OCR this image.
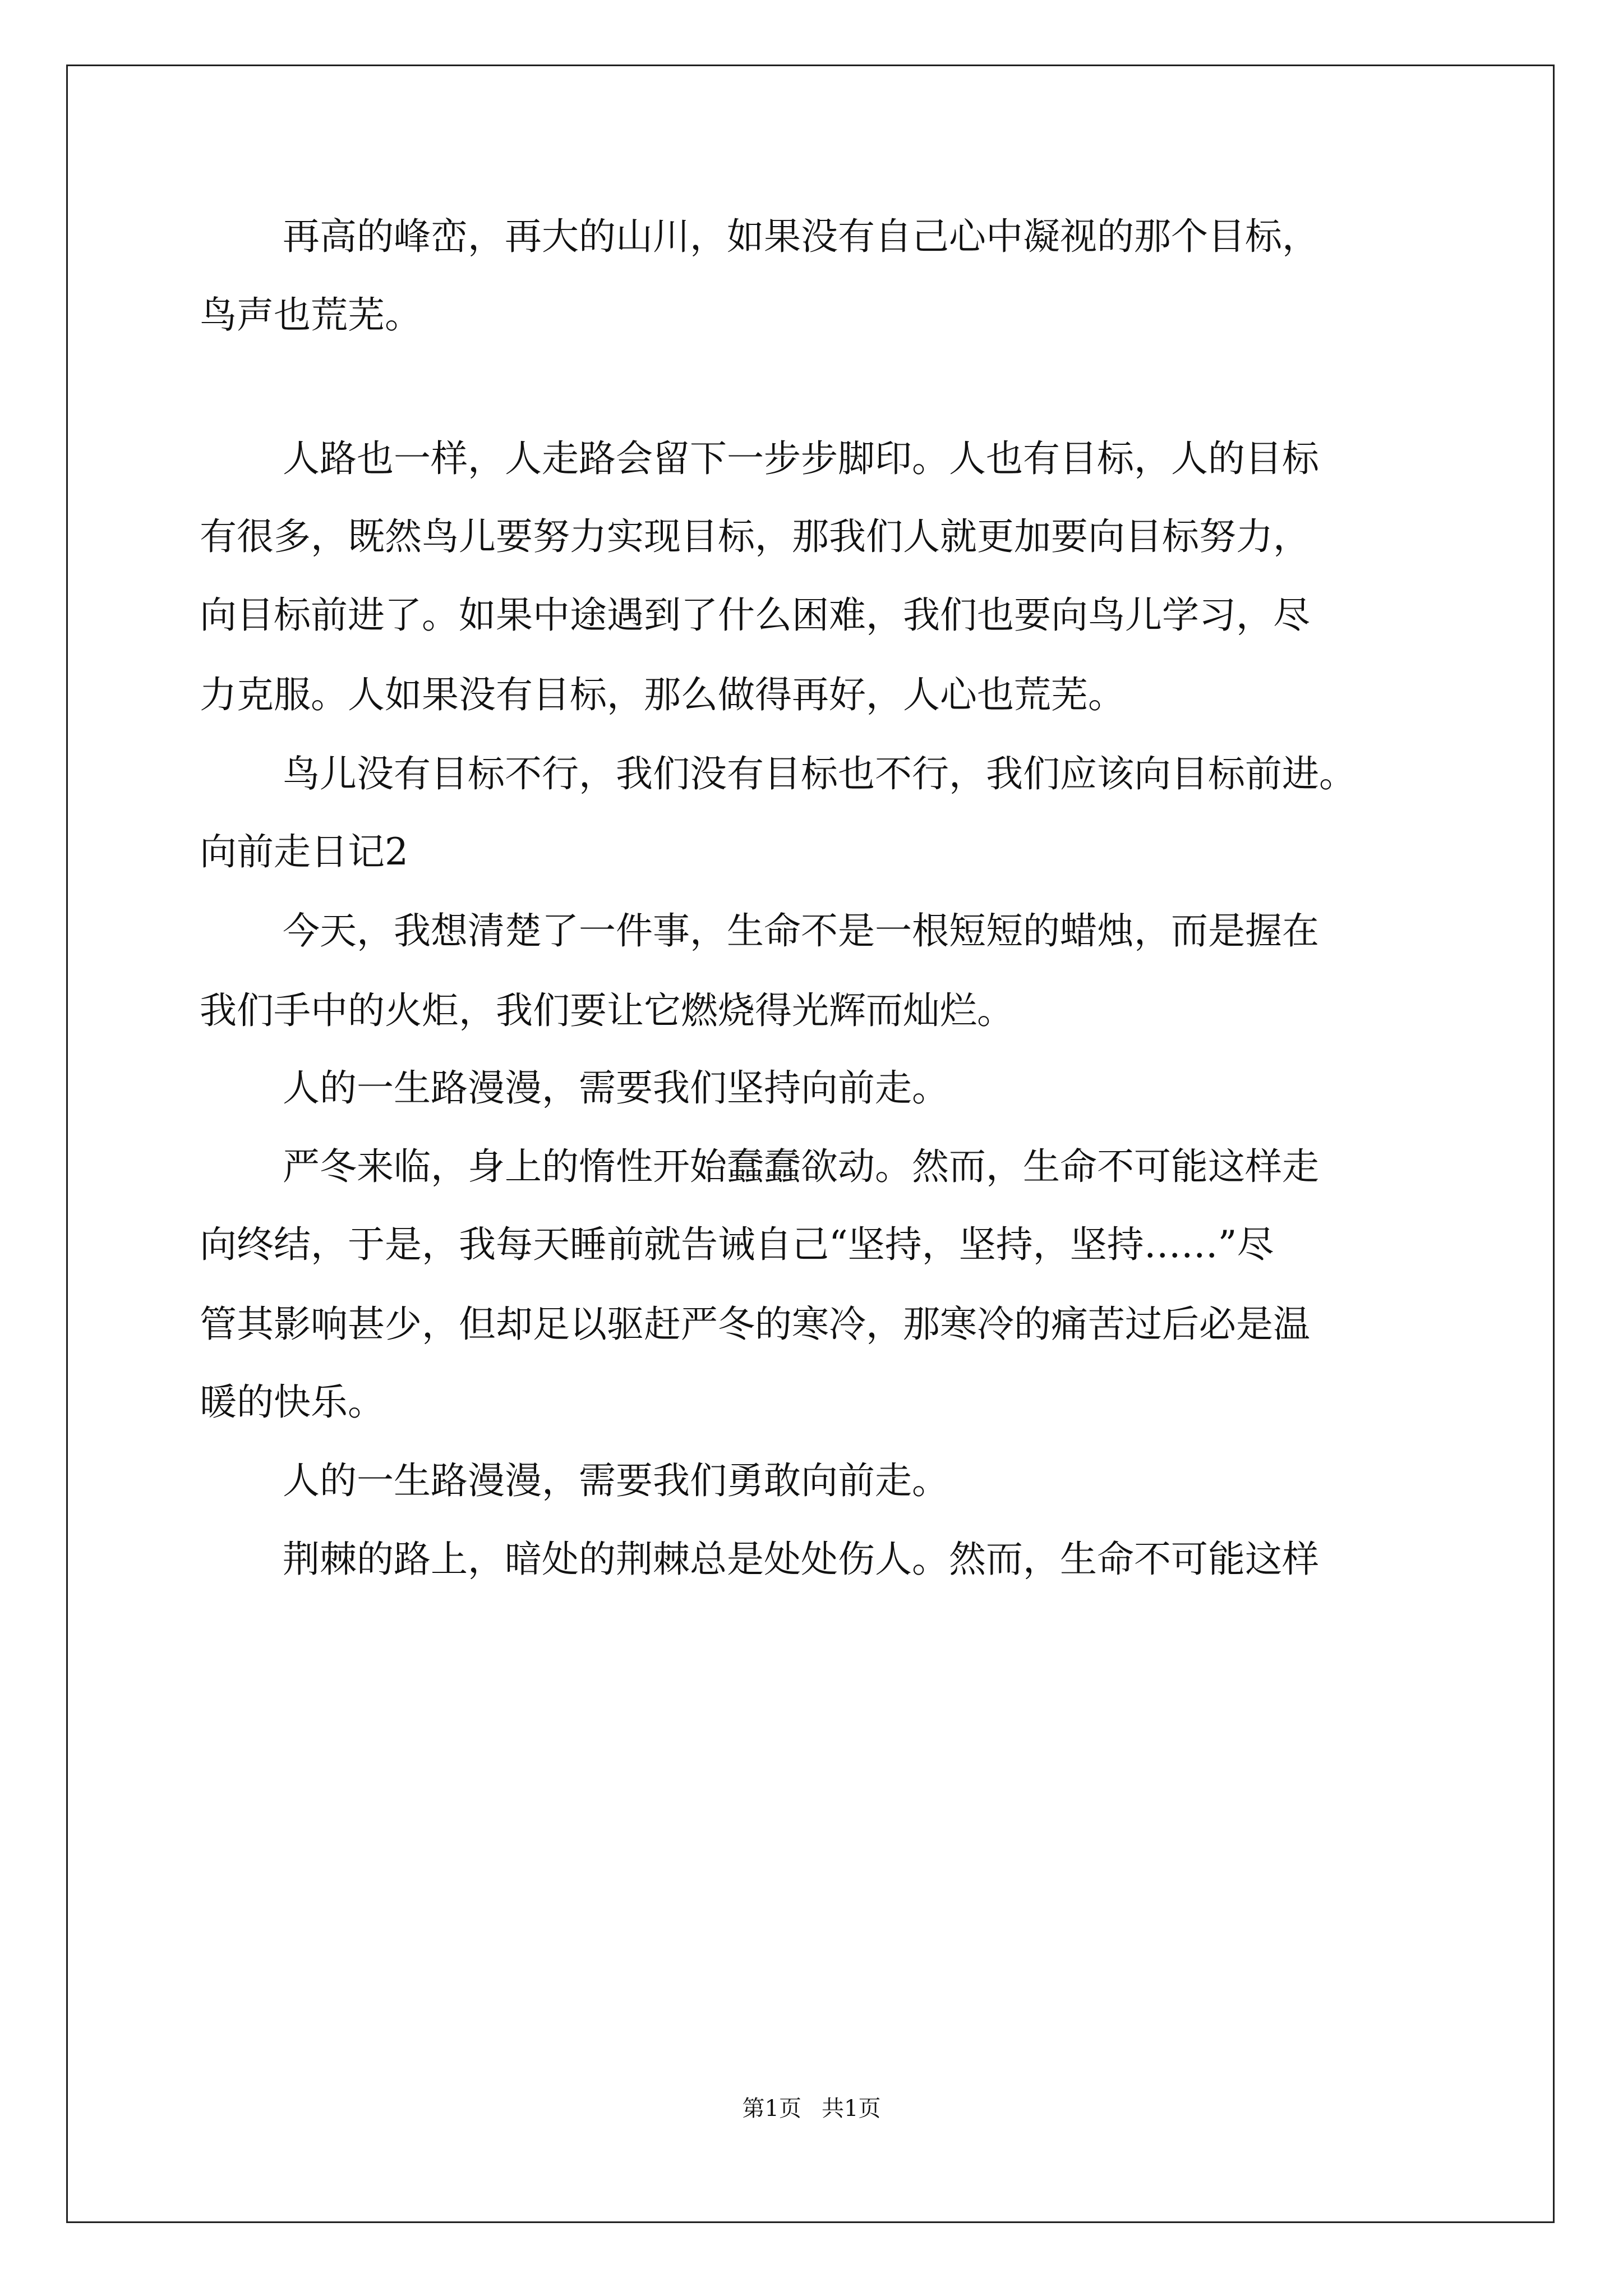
再高的峰峦，再大的山川，如果没有自己心中凝视的那个目标，
鸟声也荒芜。
人路也一样，人走路会留下一步步脚印。人也有目标，人的目标
有很多，既然鸟儿要努力实现目标，那我们人就更加要向目标努力，
向目标前进了。如果中途遇到了什么困难，我们也要向鸟儿学习，尽
力克服。人如果没有目标，那么做得再好，人心也荒芜。
鸟儿没有目标不行，我们没有目标也不行，我们应该向目标前进。
向前走日记2
今天，我想清楚了一件事，生命不是一根短短的蜡烛，而是握在
我们手中的火炬，我们要让它燃烧得光辉而灿烂。
人的一生路漫漫，需要我们坚持向前走。
严冬来临，身上的惰性开始蠢蠢欲动。然而，生命不可能这样走
向终结，于是，我每天睡前就告诫自己“坚持，坚持，坚持……”尽
管其影响甚少，但却足以驱赶严冬的寒冷，那寒冷的痛苦过后必是温
暖的快乐。
人的一生路漫漫，需要我们勇敢向前走。
荆棘的路上，暗处的荆棘总是处处伤人。然而，生命不可能这样
第1页 共1页
